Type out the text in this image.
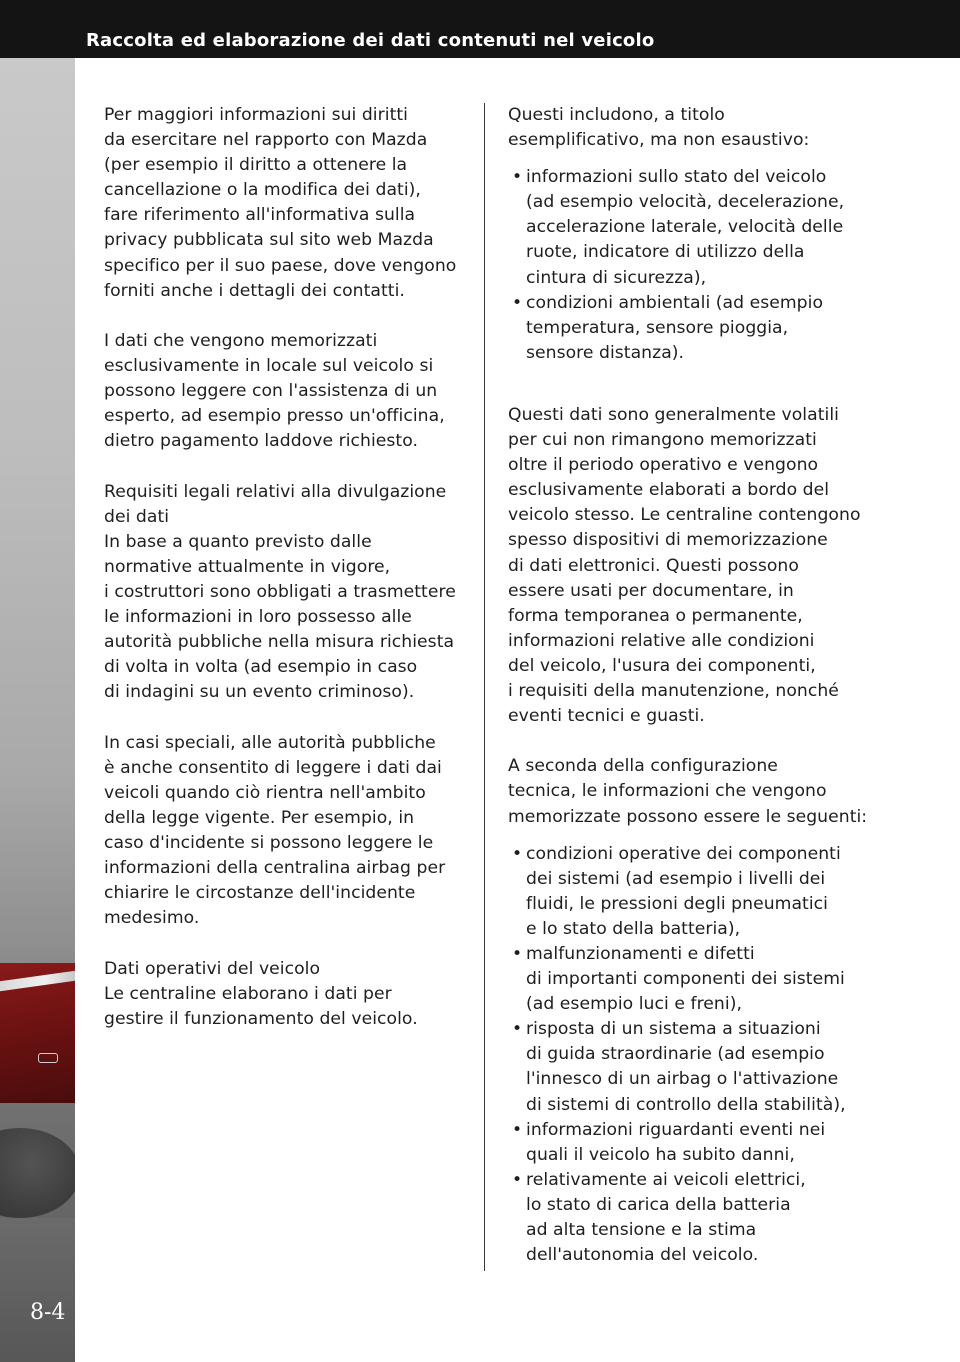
Raccolta ed elaborazione dei dati contenuti nel veicolo
8-4
Per maggiori informazioni sui diritti
da esercitare nel rapporto con Mazda
(per esempio il diritto a ottenere la
cancellazione o la modifica dei dati),
fare riferimento all'informativa sulla
privacy pubblicata sul sito web Mazda
specifico per il suo paese, dove vengono
forniti anche i dettagli dei contatti.
I dati che vengono memorizzati
esclusivamente in locale sul veicolo si
possono leggere con l'assistenza di un
esperto, ad esempio presso un'officina,
dietro pagamento laddove richiesto.
Requisiti legali relativi alla divulgazione
dei dati
In base a quanto previsto dalle
normative attualmente in vigore,
i costruttori sono obbligati a trasmettere
le informazioni in loro possesso alle
autorità pubbliche nella misura richiesta
di volta in volta (ad esempio in caso
di indagini su un evento criminoso).
In casi speciali, alle autorità pubbliche
è anche consentito di leggere i dati dai
veicoli quando ciò rientra nell'ambito
della legge vigente. Per esempio, in
caso d'incidente si possono leggere le
informazioni della centralina airbag per
chiarire le circostanze dell'incidente
medesimo.
Dati operativi del veicolo
Le centraline elaborano i dati per
gestire il funzionamento del veicolo.
Questi includono, a titolo
esemplificativo, ma non esaustivo:
• informazioni sullo stato del veicolo
(ad esempio velocità, decelerazione,
accelerazione laterale, velocità delle
ruote, indicatore di utilizzo della
cintura di sicurezza),
• condizioni ambientali (ad esempio
temperatura, sensore pioggia,
sensore distanza).
Questi dati sono generalmente volatili
per cui non rimangono memorizzati
oltre il periodo operativo e vengono
esclusivamente elaborati a bordo del
veicolo stesso. Le centraline contengono
spesso dispositivi di memorizzazione
di dati elettronici. Questi possono
essere usati per documentare, in
forma temporanea o permanente,
informazioni relative alle condizioni
del veicolo, l'usura dei componenti,
i requisiti della manutenzione, nonché
eventi tecnici e guasti.
A seconda della configurazione
tecnica, le informazioni che vengono
memorizzate possono essere le seguenti:
• condizioni operative dei componenti
dei sistemi (ad esempio i livelli dei
fluidi, le pressioni degli pneumatici
e lo stato della batteria),
• malfunzionamenti e difetti
di importanti componenti dei sistemi
(ad esempio luci e freni),
• risposta di un sistema a situazioni
di guida straordinarie (ad esempio
l'innesco di un airbag o l'attivazione
di sistemi di controllo della stabilità),
• informazioni riguardanti eventi nei
quali il veicolo ha subito danni,
• relativamente ai veicoli elettrici,
lo stato di carica della batteria
ad alta tensione e la stima
dell'autonomia del veicolo.
